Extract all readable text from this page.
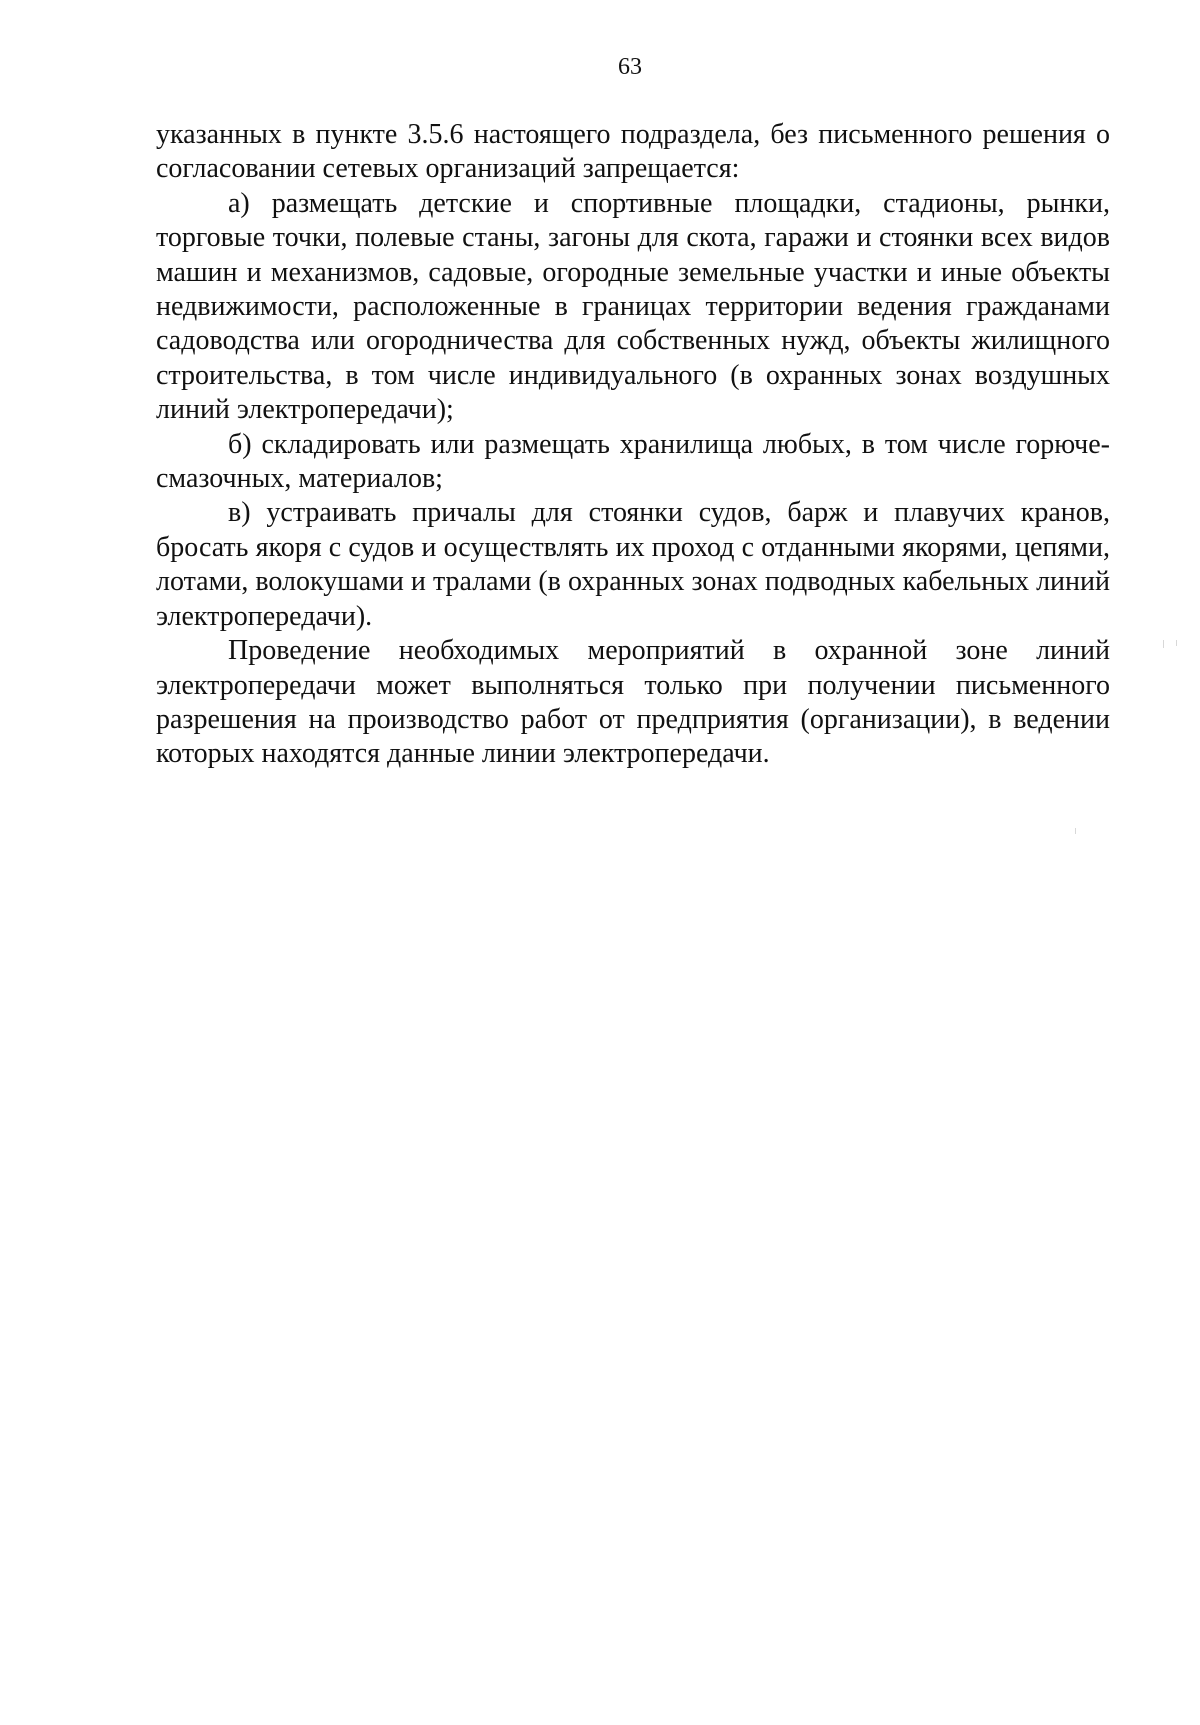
63

указанных в пункте 3.5.6 настоящего подраздела, без письменного решения о согласовании сетевых организаций запрещается:

а) размещать детские и спортивные площадки, стадионы, рынки, торговые точки, полевые станы, загоны для скота, гаражи и стоянки всех видов машин и механизмов, садовые, огородные земельные участки и иные объекты недвижимости, расположенные в границах территории ведения гражданами садоводства или огородничества для собственных нужд, объекты жилищного строительства, в том числе индивидуального (в охранных зонах воздушных линий электропередачи);

б) складировать или размещать хранилища любых, в том числе горюче-смазочных, материалов;

в) устраивать причалы для стоянки судов, барж и плавучих кранов, бросать якоря с судов и осуществлять их проход с отданными якорями, цепями, лотами, волокушами и тралами (в охранных зонах подводных кабельных линий электропередачи).

Проведение необходимых мероприятий в охранной зоне линий электропередачи может выполняться только при получении письменного разрешения на производство работ от предприятия (организации), в ведении которых находятся данные линии электропередачи.
